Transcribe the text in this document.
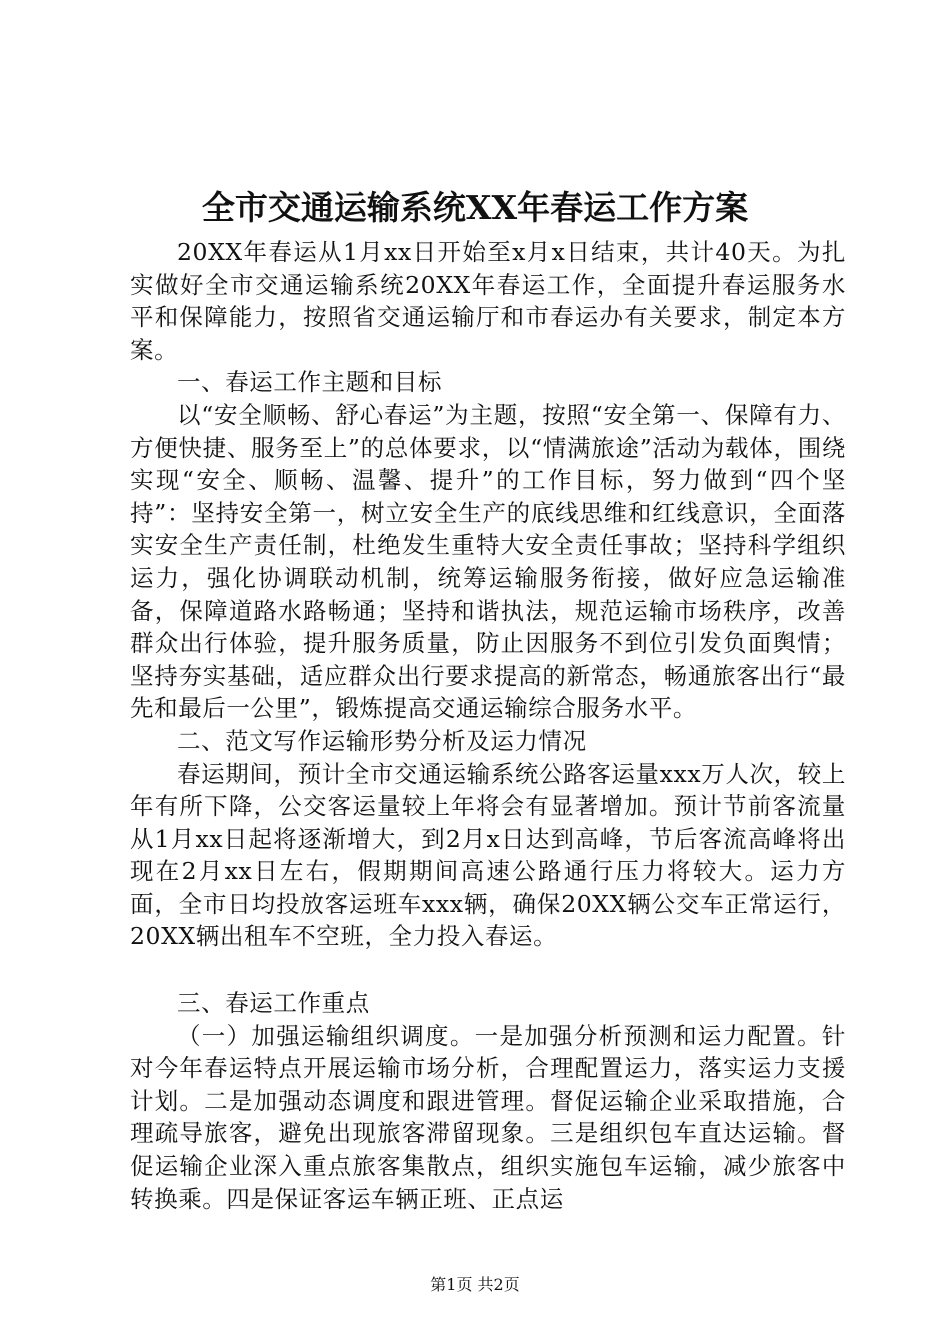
全市交通运输系统XX年春运工作方案

20XX年春运从1月xx日开始至x月x日结束，共计40天。为扎实做好全市交通运输系统20XX年春运工作，全面提升春运服务水平和保障能力，按照省交通运输厅和市春运办有关要求，制定本方案。

一、春运工作主题和目标

以“安全顺畅、舒心春运”为主题，按照“安全第一、保障有力、方便快捷、服务至上”的总体要求，以“情满旅途”活动为载体，围绕实现“安全、顺畅、温馨、提升”的工作目标，努力做到“四个坚持”：坚持安全第一，树立安全生产的底线思维和红线意识，全面落实安全生产责任制，杜绝发生重特大安全责任事故；坚持科学组织运力，强化协调联动机制，统筹运输服务衔接，做好应急运输准备，保障道路水路畅通；坚持和谐执法，规范运输市场秩序，改善群众出行体验，提升服务质量，防止因服务不到位引发负面舆情；坚持夯实基础，适应群众出行要求提高的新常态，畅通旅客出行“最先和最后一公里”，锻炼提高交通运输综合服务水平。

二、范文写作运输形势分析及运力情况

春运期间，预计全市交通运输系统公路客运量xxx万人次，较上年有所下降，公交客运量较上年将会有显著增加。预计节前客流量从1月xx日起将逐渐增大，到2月x日达到高峰，节后客流高峰将出现在2月xx日左右，假期期间高速公路通行压力将较大。运力方面，全市日均投放客运班车xxx辆，确保20XX辆公交车正常运行，20XX辆出租车不空班，全力投入春运。

三、春运工作重点

（一）加强运输组织调度。一是加强分析预测和运力配置。针对今年春运特点开展运输市场分析，合理配置运力，落实运力支援计划。二是加强动态调度和跟进管理。督促运输企业采取措施，合理疏导旅客，避免出现旅客滞留现象。三是组织包车直达运输。督促运输企业深入重点旅客集散点，组织实施包车运输，减少旅客中转换乘。四是保证客运车辆正班、正点运

第1页 共2页
